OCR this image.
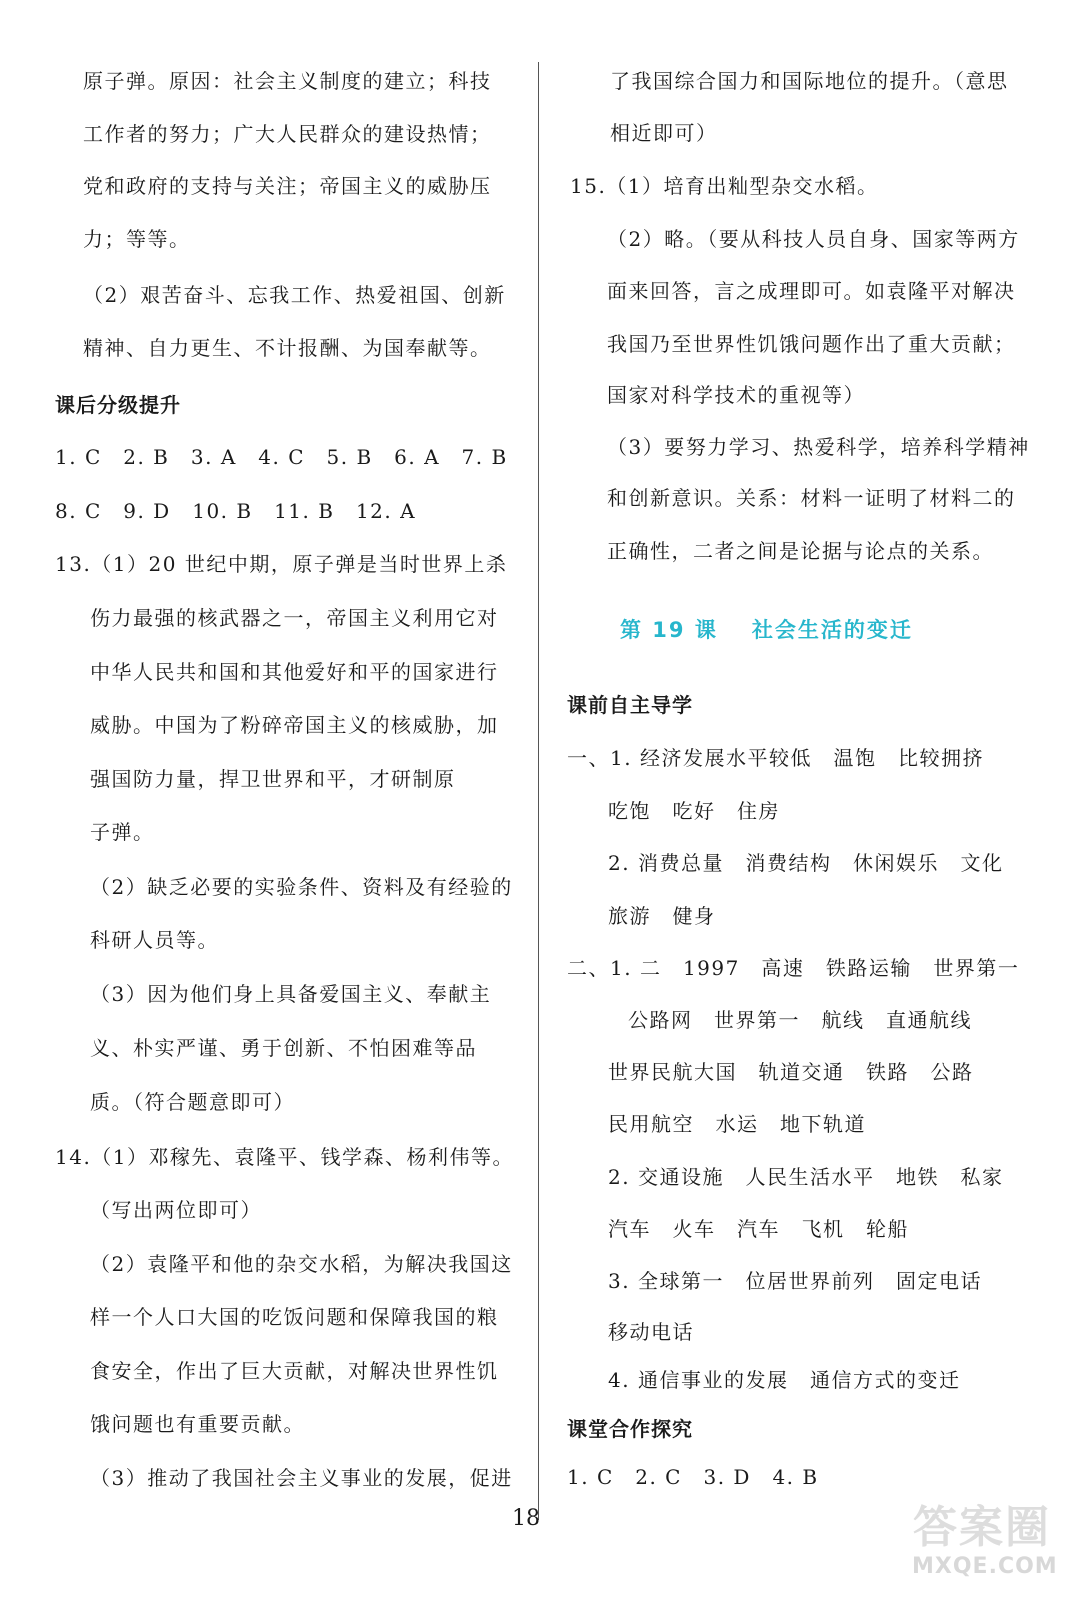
原子弹。原因：社会主义制度的建立；科技
工作者的努力；广大人民群众的建设热情；
党和政府的支持与关注；帝国主义的威胁压
力；等等。
（2）艰苦奋斗、忘我工作、热爱祖国、创新
精神、自力更生、不计报酬、为国奉献等。
课后分级提升
1. C　2. B　3. A　4. C　5. B　6. A　7. B
8. C　9. D　10. B　11. B　12. A
13.（1）20 世纪中期，原子弹是当时世界上杀
伤力最强的核武器之一，帝国主义利用它对
中华人民共和国和其他爱好和平的国家进行
威胁。中国为了粉碎帝国主义的核威胁，加
强国防力量，捍卫世界和平，才研制原
子弹。
（2）缺乏必要的实验条件、资料及有经验的
科研人员等。
（3）因为他们身上具备爱国主义、奉献主
义、朴实严谨、勇于创新、不怕困难等品
质。（符合题意即可）
14.（1）邓稼先、袁隆平、钱学森、杨利伟等。
（写出两位即可）
（2）袁隆平和他的杂交水稻，为解决我国这
样一个人口大国的吃饭问题和保障我国的粮
食安全，作出了巨大贡献，对解决世界性饥
饿问题也有重要贡献。
（3）推动了我国社会主义事业的发展，促进
了我国综合国力和国际地位的提升。（意思
相近即可）
15.（1）培育出籼型杂交水稻。
（2）略。（要从科技人员自身、国家等两方
面来回答，言之成理即可。如袁隆平对解决
我国乃至世界性饥饿问题作出了重大贡献；
国家对科学技术的重视等）
（3）要努力学习、热爱科学，培养科学精神
和创新意识。关系：材料一证明了材料二的
正确性，二者之间是论据与论点的关系。
课前自主导学
一、1. 经济发展水平较低　温饱　比较拥挤
吃饱　吃好　住房
2. 消费总量　消费结构　休闲娱乐　文化
旅游　健身
二、1. 二　1997　高速　铁路运输　世界第一
公路网　世界第一　航线　直通航线
世界民航大国　轨道交通　铁路　公路
民用航空　水运　地下轨道
2. 交通设施　人民生活水平　地铁　私家
汽车　火车　汽车　飞机　轮船
3. 全球第一　位居世界前列　固定电话
移动电话
4. 通信事业的发展　通信方式的变迁
课堂合作探究
1. C　2. C　3. D　4. B
第 19 课 社会生活的变迁
18	答案圈
MXQE.COM
